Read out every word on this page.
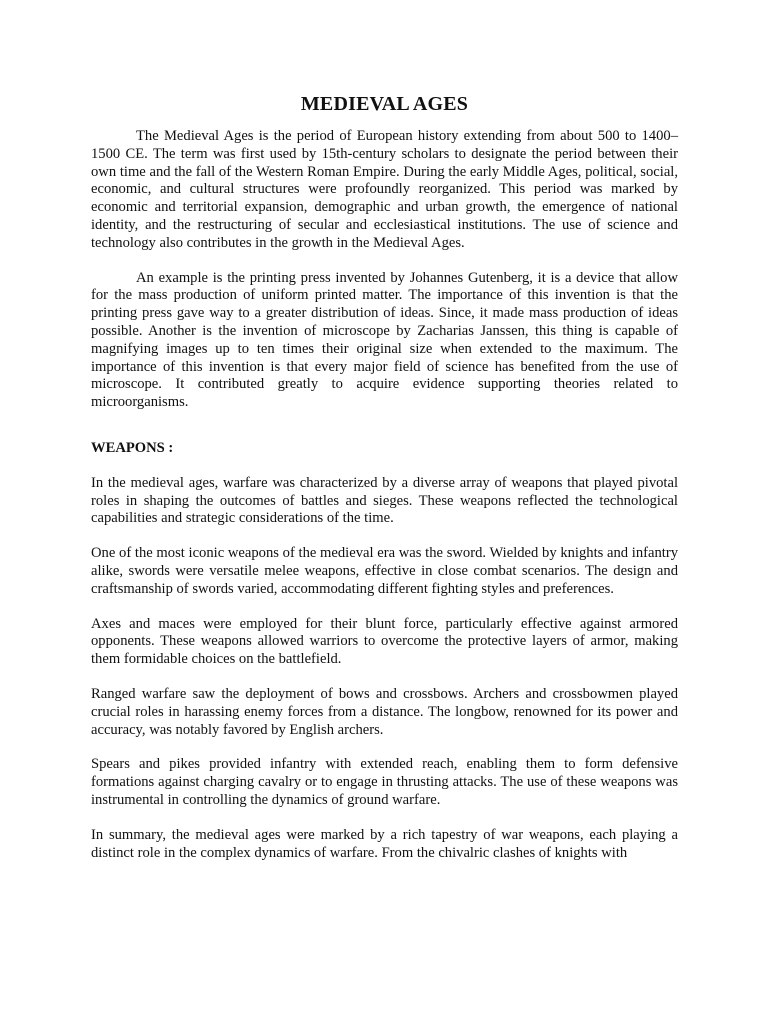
MEDIEVAL AGES

The Medieval Ages is the period of European history extending from about 500 to 1400–1500 CE. The term was first used by 15th-century scholars to designate the period between their own time and the fall of the Western Roman Empire. During the early Middle Ages, political, social, economic, and cultural structures were profoundly reorganized. This period was marked by economic and territorial expansion, demographic and urban growth, the emergence of national identity, and the restructuring of secular and ecclesiastical institutions. The use of science and technology also contributes in the growth in the Medieval Ages.

An example is the printing press invented by Johannes Gutenberg, it is a device that allow for the mass production of uniform printed matter. The importance of this invention is that the printing press gave way to a greater distribution of ideas. Since, it made mass production of ideas possible. Another is the invention of microscope by Zacharias Janssen, this thing is capable of magnifying images up to ten times their original size when extended to the maximum. The importance of this invention is that every major field of science has benefited from the use of microscope. It contributed greatly to acquire evidence supporting theories related to microorganisms.

WEAPONS :

In the medieval ages, warfare was characterized by a diverse array of weapons that played pivotal roles in shaping the outcomes of battles and sieges. These weapons reflected the technological capabilities and strategic considerations of the time.

One of the most iconic weapons of the medieval era was the sword. Wielded by knights and infantry alike, swords were versatile melee weapons, effective in close combat scenarios. The design and craftsmanship of swords varied, accommodating different fighting styles and preferences.

Axes and maces were employed for their blunt force, particularly effective against armored opponents. These weapons allowed warriors to overcome the protective layers of armor, making them formidable choices on the battlefield.

Ranged warfare saw the deployment of bows and crossbows. Archers and crossbowmen played crucial roles in harassing enemy forces from a distance. The longbow, renowned for its power and accuracy, was notably favored by English archers.

Spears and pikes provided infantry with extended reach, enabling them to form defensive formations against charging cavalry or to engage in thrusting attacks. The use of these weapons was instrumental in controlling the dynamics of ground warfare.

In summary, the medieval ages were marked by a rich tapestry of war weapons, each playing a distinct role in the complex dynamics of warfare. From the chivalric clashes of knights with
